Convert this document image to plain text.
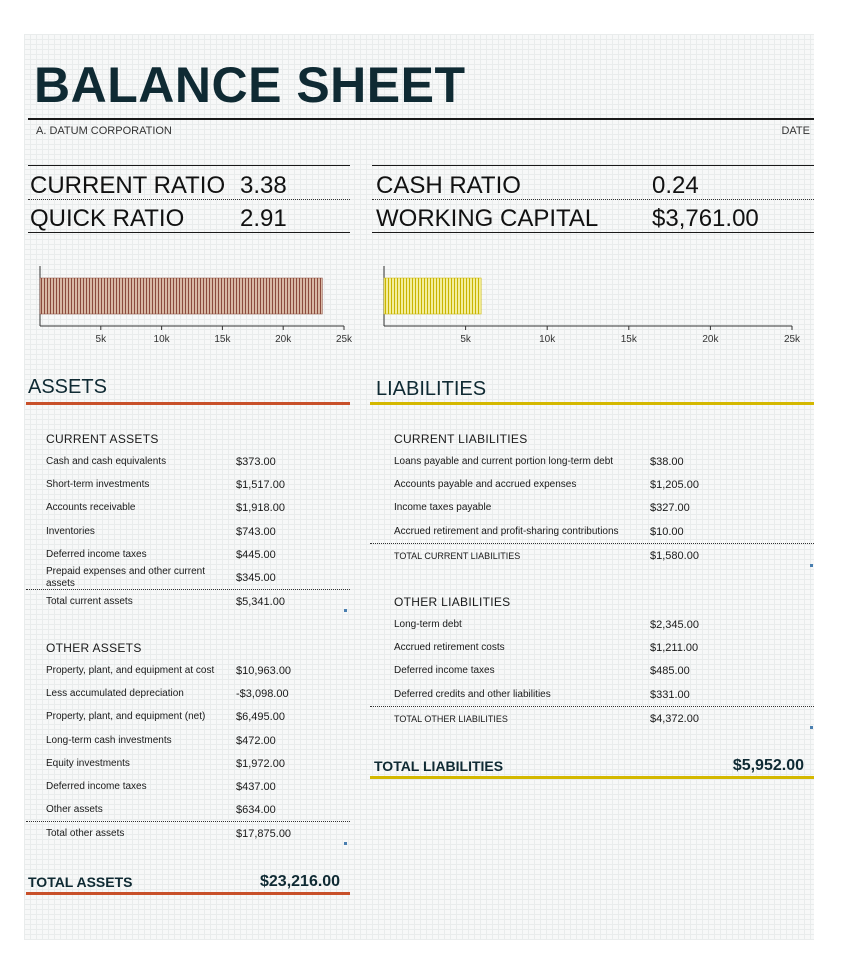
BALANCE SHEET
A. DATUM CORPORATION	DATE
CURRENT RATIO 3.38
QUICK RATIO 2.91
CASH RATIO	0.24
WORKING CAPITAL $3,761.00
5k	10k	15k	20k	25k	5k	10k	15k	20k	25k
ASSETS
CURRENT ASSETS
Cash and cash equivalents	$373.00
Short-term investments	$1,517.00
Accounts receivable	$1,918.00
Inventories	$743.00
Deferred income taxes	$445.00
Prepaid expenses and other current assets	$345.00
Total current assets	$5,341.00
OTHER ASSETS
Property, plant, and equipment at cost	$10,963.00
Less accumulated depreciation	-$3,098.00
Property, plant, and equipment (net)	$6,495.00
Long-term cash investments	$472.00
Equity investments	$1,972.00
Deferred income taxes	$437.00
Other assets	$634.00
Total other assets	$17,875.00
TOTAL ASSETS	$23,216.00
LIABILITIES
CURRENT LIABILITIES
Loans payable and current portion long-term debt	$38.00
Accounts payable and accrued expenses	$1,205.00
Income taxes payable	$327.00
Accrued retirement and profit-sharing contributions	$10.00
TOTAL CURRENT LIABILITIES	$1,580.00
OTHER LIABILITIES
Long-term debt	$2,345.00
Accrued retirement costs	$1,211.00
Deferred income taxes	$485.00
Deferred credits and other liabilities	$331.00
TOTAL OTHER LIABILITIES	$4,372.00
TOTAL LIABILITIES	$5,952.00
